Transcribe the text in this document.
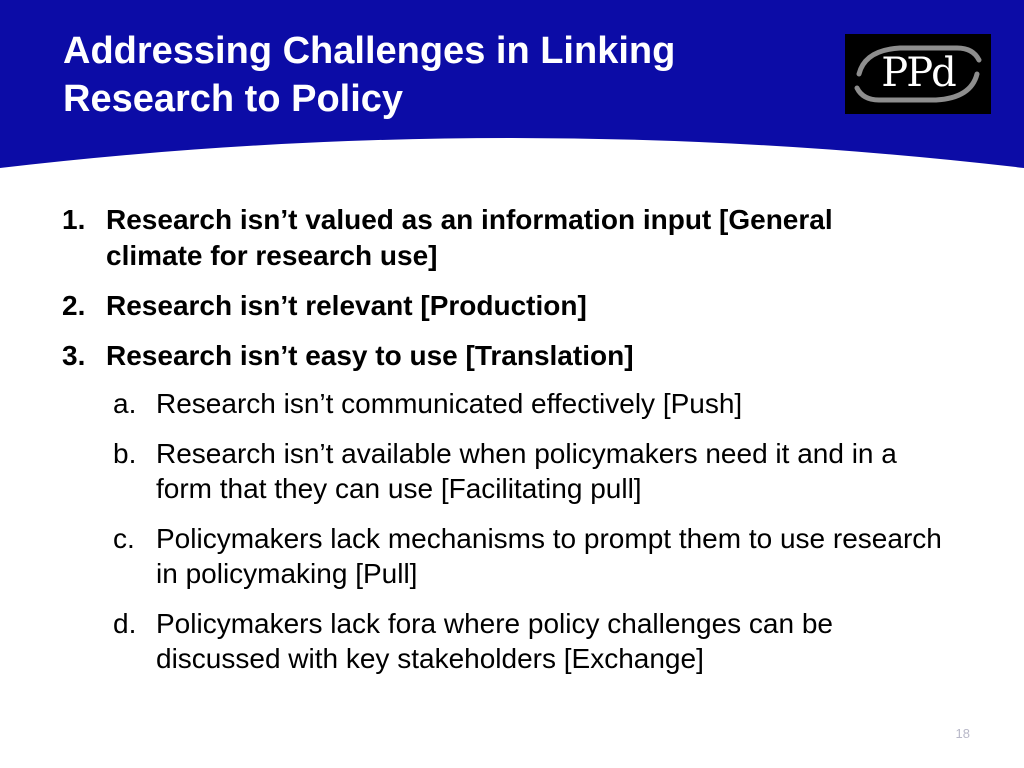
Addressing Challenges in Linking
Research to Policy
PPd
1. Research isn’t valued as an information input [General climate for research use]
2. Research isn’t relevant [Production]
3. Research isn’t easy to use [Translation]
a. Research isn’t communicated effectively [Push]
b. Research isn’t available when policymakers need it and in a form that they can use [Facilitating pull]
c. Policymakers lack mechanisms to prompt them to use research in policymaking [Pull]
d. Policymakers lack fora where policy challenges can be discussed with key stakeholders [Exchange]
18
